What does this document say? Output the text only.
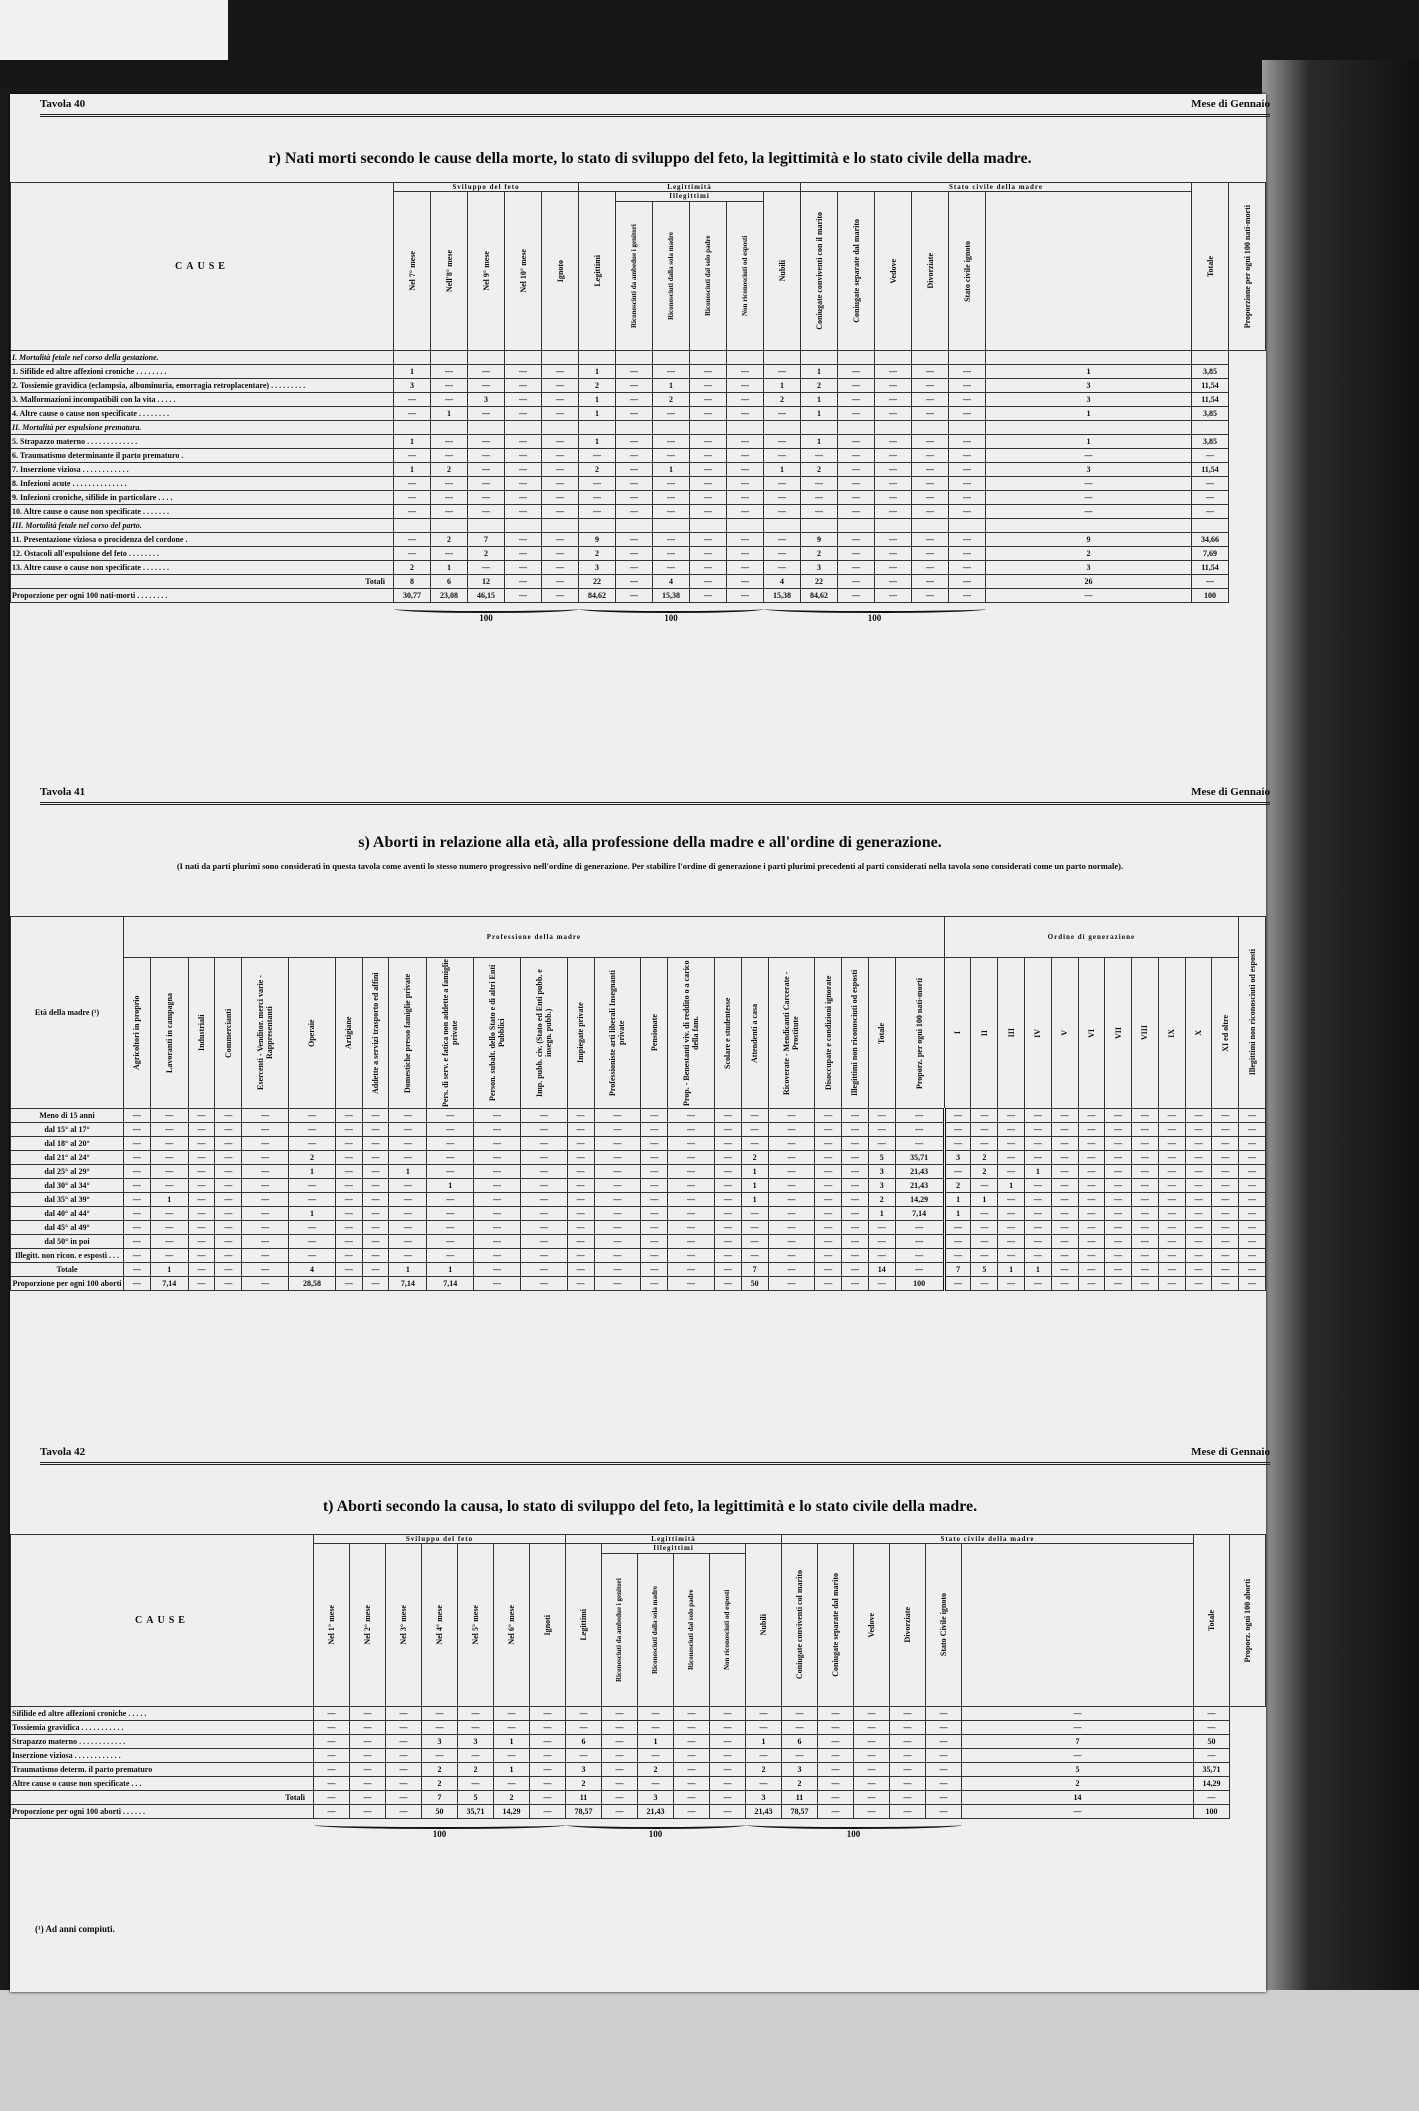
Tavola 40	Mese di Gennaio
r) Nati morti secondo le cause della morte, lo stato di sviluppo del feto, la legittimità e lo stato civile della madre.
CAUSE	Sviluppo del feto					Legittimità						Stato civile della madre						Totale	Proporzione per ogni 100 nati-morti

	Nel 7° mese	Nell'8° mese	Nel 9° mese	Nel 10° mese	Ignoto	Legittimi	Illegittimi				Nubili	Coniugate conviventi con il marito	Coniugate separate dal marito	Vedove	Divorziate	Stato civile ignoto			

							Riconosciuti da ambedue i genitori	Riconosciuti dalla sola madre	Riconosciuti dal solo padre	Non riconosciuti od esposti									

I. Mortalità fetale nel corso della gestazione.																			
1. Sifilide ed altre affezioni croniche . . . . . . . .	1	—	—	—	—	1	—	—	—	—	—	1	—	—	—	—	1	3,85	
2. Tossiemie gravidica (eclampsia, albuminuria, emorragia retroplacentare) . . . . . . . . .	3	—	—	—	—	2	—	1	—	—	1	2	—	—	—	—	3	11,54	
3. Malformazioni incompatibili con la vita . . . . .	—	—	3	—	—	1	—	2	—	—	2	1	—	—	—	—	3	11,54	
4. Altre cause o cause non specificate . . . . . . . .	—	1	—	—	—	1	—	—	—	—	—	1	—	—	—	—	1	3,85	
II. Mortalità per espulsione prematura.																			
5. Strapazzo materno . . . . . . . . . . . . .	1	—	—	—	—	1	—	—	—	—	—	1	—	—	—	—	1	3,85	
6. Traumatismo determinante il parto prematuro .	—	—	—	—	—	—	—	—	—	—	—	—	—	—	—	—	—	—	
7. Inserzione viziosa . . . . . . . . . . . .	1	2	—	—	—	2	—	1	—	—	1	2	—	—	—	—	3	11,54	
8. Infezioni acute . . . . . . . . . . . . . .	—	—	—	—	—	—	—	—	—	—	—	—	—	—	—	—	—	—	
9. Infezioni croniche, sifilide in particolare . . . .	—	—	—	—	—	—	—	—	—	—	—	—	—	—	—	—	—	—	
10. Altre cause o cause non specificate . . . . . . .	—	—	—	—	—	—	—	—	—	—	—	—	—	—	—	—	—	—	
III. Mortalità fetale nel corso del parto.																			
11. Presentazione viziosa o procidenza del cordone .	—	2	7	—	—	9	—	—	—	—	—	9	—	—	—	—	9	34,66	
12. Ostacoli all'espulsione del feto . . . . . . . .	—	—	2	—	—	2	—	—	—	—	—	2	—	—	—	—	2	7,69	
13. Altre cause o cause non specificate . . . . . . .	2	1	—	—	—	3	—	—	—	—	—	3	—	—	—	—	3	11,54	
Totali	8	6	12	—	—	22	—	4	—	—	4	22	—	—	—	—	26	—	
Proporzione per ogni 100 nati-morti . . . . . . . .	30,77	23,08	46,15	—	—	84,62	—	15,38	—	—	15,38	84,62	—	—	—	—	—	100	
100	100	100
Tavola 41	Mese di Gennaio
s) Aborti in relazione alla età, alla professione della madre e all'ordine di generazione.
(I nati da parti plurimi sono considerati in questa tavola come aventi lo stesso numero progressivo nell'ordine di generazione. Per stabilire l'ordine di generazione i parti plurimi precedenti al parti considerati nella tavola sono considerati come un parto normale).
Età della madre (¹)	Professione della madre																							Ordine di generazione											Illegittimi non riconosciuti od esposti

	Agricoltori in proprio	Lavoranti in campagna	Industriali	Commercianti	Esercenti - Venditor. merci varie - Rappresentanti	Operaie	Artigiane	Addette a servizi trasporto ed affini	Domestiche presso famiglie private	Pers. di serv. e fatica non addette a famiglie private	Person. subalt. dello Stato e di altri Enti Pubblici	Imp. pubb. civ. (Stato ed Enti pubb. e insegn. pubb.)	Impiegate private	Professioniste arti liberali Insegnanti private	Pensionate	Prop. - Benestanti viv. di reddito o a carico della fam.	Scolare e studentesse	Attendenti a casa	Ricoverate - Mendicanti Carcerate - Prostitute	Disoccupate e condizioni ignorate	Illegittimi non riconosciuti od esposti	Totale	Proporz. per ogni 100 nati-morti	I	II	III	IV	V	VI	VII	VIII	IX	X	XI ed oltre	

Meno di 15 anni	—	—	—	—	—	—	—	—	—	—	—	—	—	—	—	—	—	—	—	—	—	—	—	—	—	—	—	—	—	—	—	—	—	—	—
dal 15° al 17°	—	—	—	—	—	—	—	—	—	—	—	—	—	—	—	—	—	—	—	—	—	—	—	—	—	—	—	—	—	—	—	—	—	—	—
dal 18° al 20°	—	—	—	—	—	—	—	—	—	—	—	—	—	—	—	—	—	—	—	—	—	—	—	—	—	—	—	—	—	—	—	—	—	—	—
dal 21° al 24°	—	—	—	—	—	2	—	—	—	—	—	—	—	—	—	—	—	2	—	—	—	5	35,71	3	2	—	—	—	—	—	—	—	—	—	—
dal 25° al 29°	—	—	—	—	—	1	—	—	1	—	—	—	—	—	—	—	—	1	—	—	—	3	21,43	—	2	—	1	—	—	—	—	—	—	—	—
dal 30° al 34°	—	—	—	—	—	—	—	—	—	1	—	—	—	—	—	—	—	1	—	—	—	3	21,43	2	—	1	—	—	—	—	—	—	—	—	—
dal 35° al 39°	—	1	—	—	—	—	—	—	—	—	—	—	—	—	—	—	—	1	—	—	—	2	14,29	1	1	—	—	—	—	—	—	—	—	—	—
dal 40° al 44°	—	—	—	—	—	1	—	—	—	—	—	—	—	—	—	—	—	—	—	—	—	1	7,14	1	—	—	—	—	—	—	—	—	—	—	—
dal 45° al 49°	—	—	—	—	—	—	—	—	—	—	—	—	—	—	—	—	—	—	—	—	—	—	—	—	—	—	—	—	—	—	—	—	—	—	—
dal 50° in poi	—	—	—	—	—	—	—	—	—	—	—	—	—	—	—	—	—	—	—	—	—	—	—	—	—	—	—	—	—	—	—	—	—	—	—
Illegitt. non ricon. e esposti . . .	—	—	—	—	—	—	—	—	—	—	—	—	—	—	—	—	—	—	—	—	—	—	—	—	—	—	—	—	—	—	—	—	—	—	—
Totale	—	1	—	—	—	4	—	—	1	1	—	—	—	—	—	—	—	7	—	—	—	14	—	7	5	1	1	—	—	—	—	—	—	—	—
Proporzione per ogni 100 aborti	—	7,14	—	—	—	28,58	—	—	7,14	7,14	—	—	—	—	—	—	—	50	—	—	—	—	100	—	—	—	—	—	—	—	—	—	—	—	—
Tavola 42	Mese di Gennaio
t) Aborti secondo la causa, lo stato di sviluppo del feto, la legittimità e lo stato civile della madre.
CAUSE	Sviluppo del feto							Legittimità						Stato civile della madre						Totale	Proporz. ogni 100 aborti

	Nel 1° mese	Nel 2° mese	Nel 3° mese	Nel 4° mese	Nel 5° mese	Nel 6° mese	Ignoti	Legittimi	Illegittimi				Nubili	Coniugate conviventi col marito	Coniugate separate dal marito	Vedove	Divorziate	Stato Civile ignoto			

									Riconosciuti da ambedue i genitori	Riconosciuti dalla sola madre	Riconosciuti dal solo padre	Non riconosciuti od esposti									

Sifilide ed altre affezioni croniche . . . . .	—	—	—	—	—	—	—	—	—	—	—	—	—	—	—	—	—	—	—	—	
Tossiemia gravidica . . . . . . . . . . .	—	—	—	—	—	—	—	—	—	—	—	—	—	—	—	—	—	—	—	—	
Strapazzo materno . . . . . . . . . . . .	—	—	—	3	3	1	—	6	—	1	—	—	1	6	—	—	—	—	7	50	
Inserzione viziosa . . . . . . . . . . . .	—	—	—	—	—	—	—	—	—	—	—	—	—	—	—	—	—	—	—	—	
Traumatismo determ. il parto prematuro	—	—	—	2	2	1	—	3	—	2	—	—	2	3	—	—	—	—	5	35,71	
Altre cause o cause non specificate . . .	—	—	—	2	—	—	—	2	—	—	—	—	—	2	—	—	—	—	2	14,29	
Totali	—	—	—	7	5	2	—	11	—	3	—	—	3	11	—	—	—	—	14	—	
Proporzione per ogni 100 aborti . . . . . .	—	—	—	50	35,71	14,29	—	78,57	—	21,43	—	—	21,43	78,57	—	—	—	—	—	100	
100	100	100
(¹) Ad anni compiuti.
